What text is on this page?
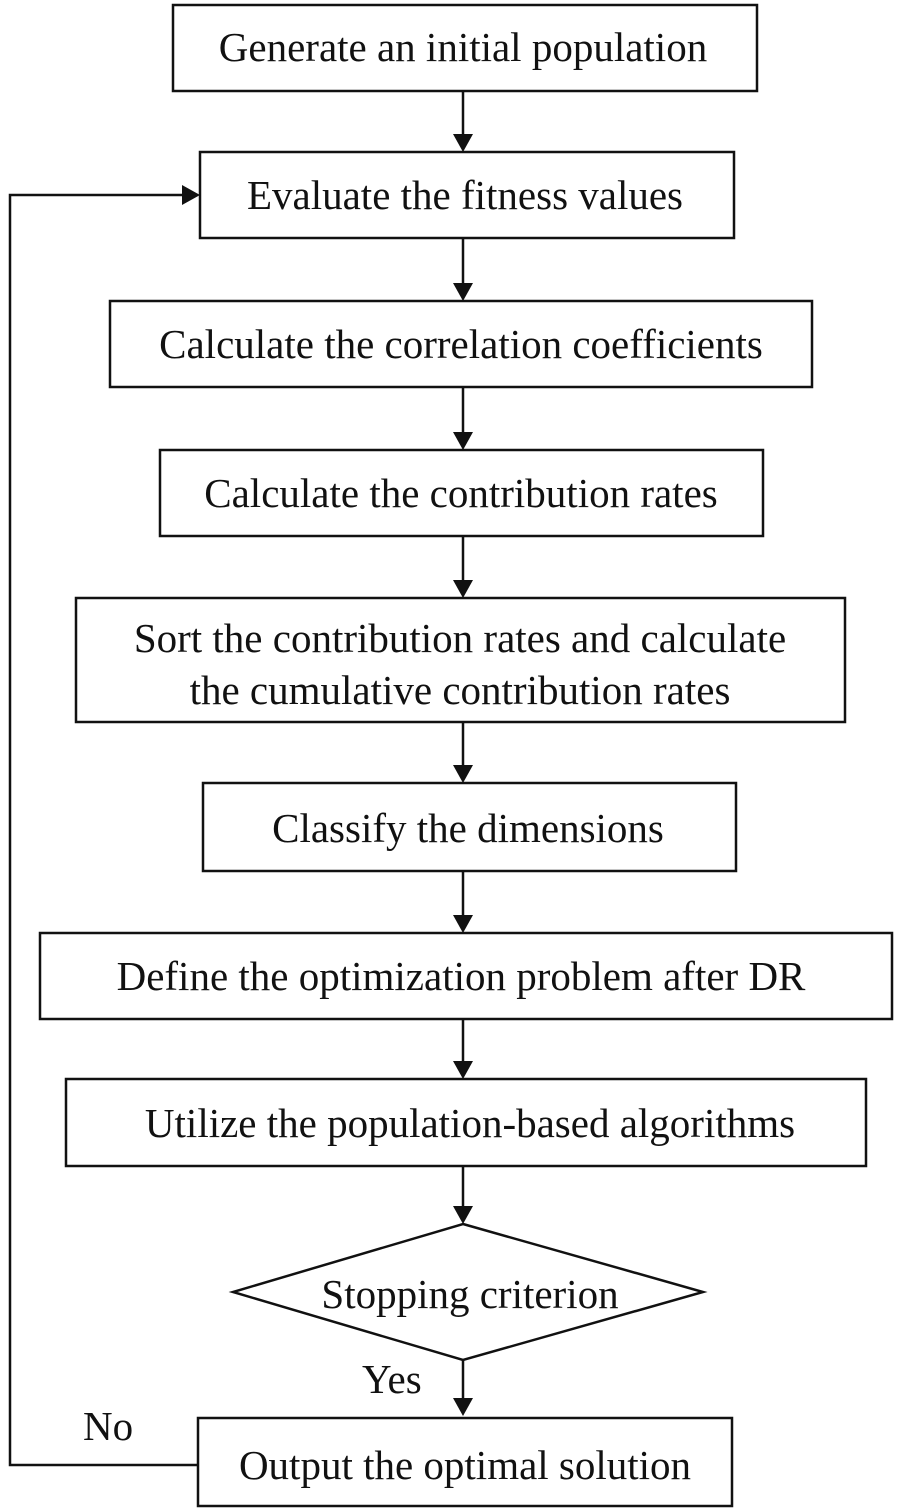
Generate an initial population
Evaluate the fitness values
Calculate the correlation coefficients
Calculate the contribution rates
Sort the contribution rates and calculate
the cumulative contribution rates
Classify the dimensions
Define the optimization problem after DR
Utilize the population-based algorithms
Stopping criterion
Yes
Output the optimal solution
No
